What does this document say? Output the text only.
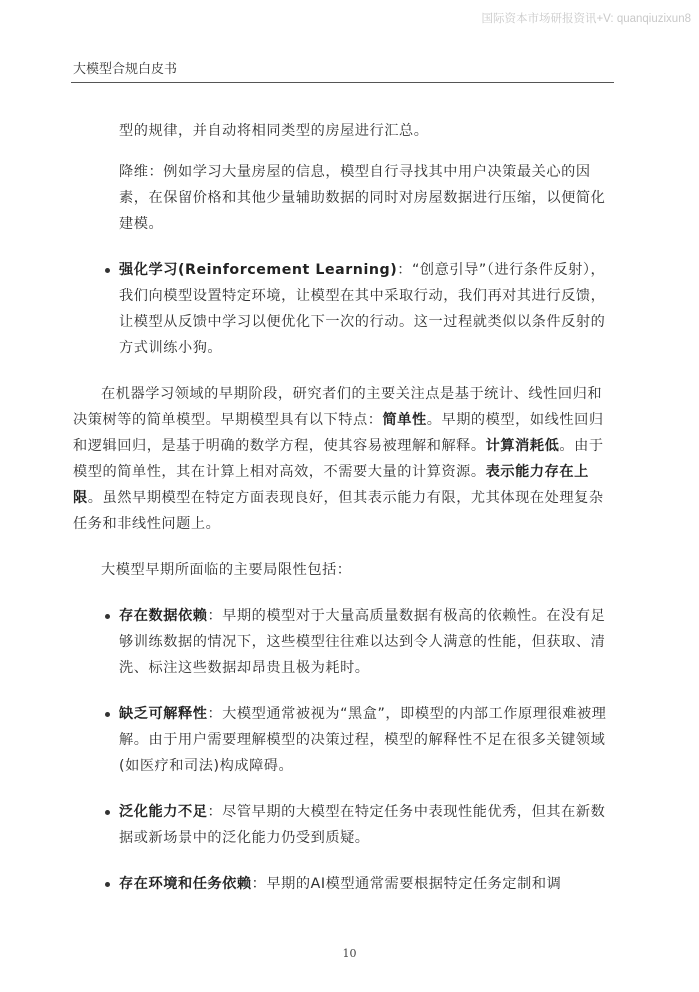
国际资本市场研报资讯+V: quanqiuzixun8
大模型合规白皮书

型的规律，并自动将相同类型的房屋进行汇总。

降维：例如学习大量房屋的信息，模型自行寻找其中用户决策最关心的因素，在保留价格和其他少量辅助数据的同时对房屋数据进行压缩，以便简化建模。

强化学习(Reinforcement Learning)：“创意引导”（进行条件反射），我们向模型设置特定环境，让模型在其中采取行动，我们再对其进行反馈，让模型从反馈中学习以便优化下一次的行动。这一过程就类似以条件反射的方式训练小狗。

在机器学习领域的早期阶段，研究者们的主要关注点是基于统计、线性回归和决策树等的简单模型。早期模型具有以下特点：简单性。早期的模型，如线性回归和逻辑回归，是基于明确的数学方程，使其容易被理解和解释。计算消耗低。由于模型的简单性，其在计算上相对高效，不需要大量的计算资源。表示能力存在上限。虽然早期模型在特定方面表现良好，但其表示能力有限，尤其体现在处理复杂任务和非线性问题上。

大模型早期所面临的主要局限性包括：

存在数据依赖：早期的模型对于大量高质量数据有极高的依赖性。在没有足够训练数据的情况下，这些模型往往难以达到令人满意的性能，但获取、清洗、标注这些数据却昂贵且极为耗时。

缺乏可解释性：大模型通常被视为“黑盒”，即模型的内部工作原理很难被理解。由于用户需要理解模型的决策过程，模型的解释性不足在很多关键领域(如医疗和司法)构成障碍。

泛化能力不足：尽管早期的大模型在特定任务中表现性能优秀，但其在新数据或新场景中的泛化能力仍受到质疑。

存在环境和任务依赖：早期的AI模型通常需要根据特定任务定制和调

10
